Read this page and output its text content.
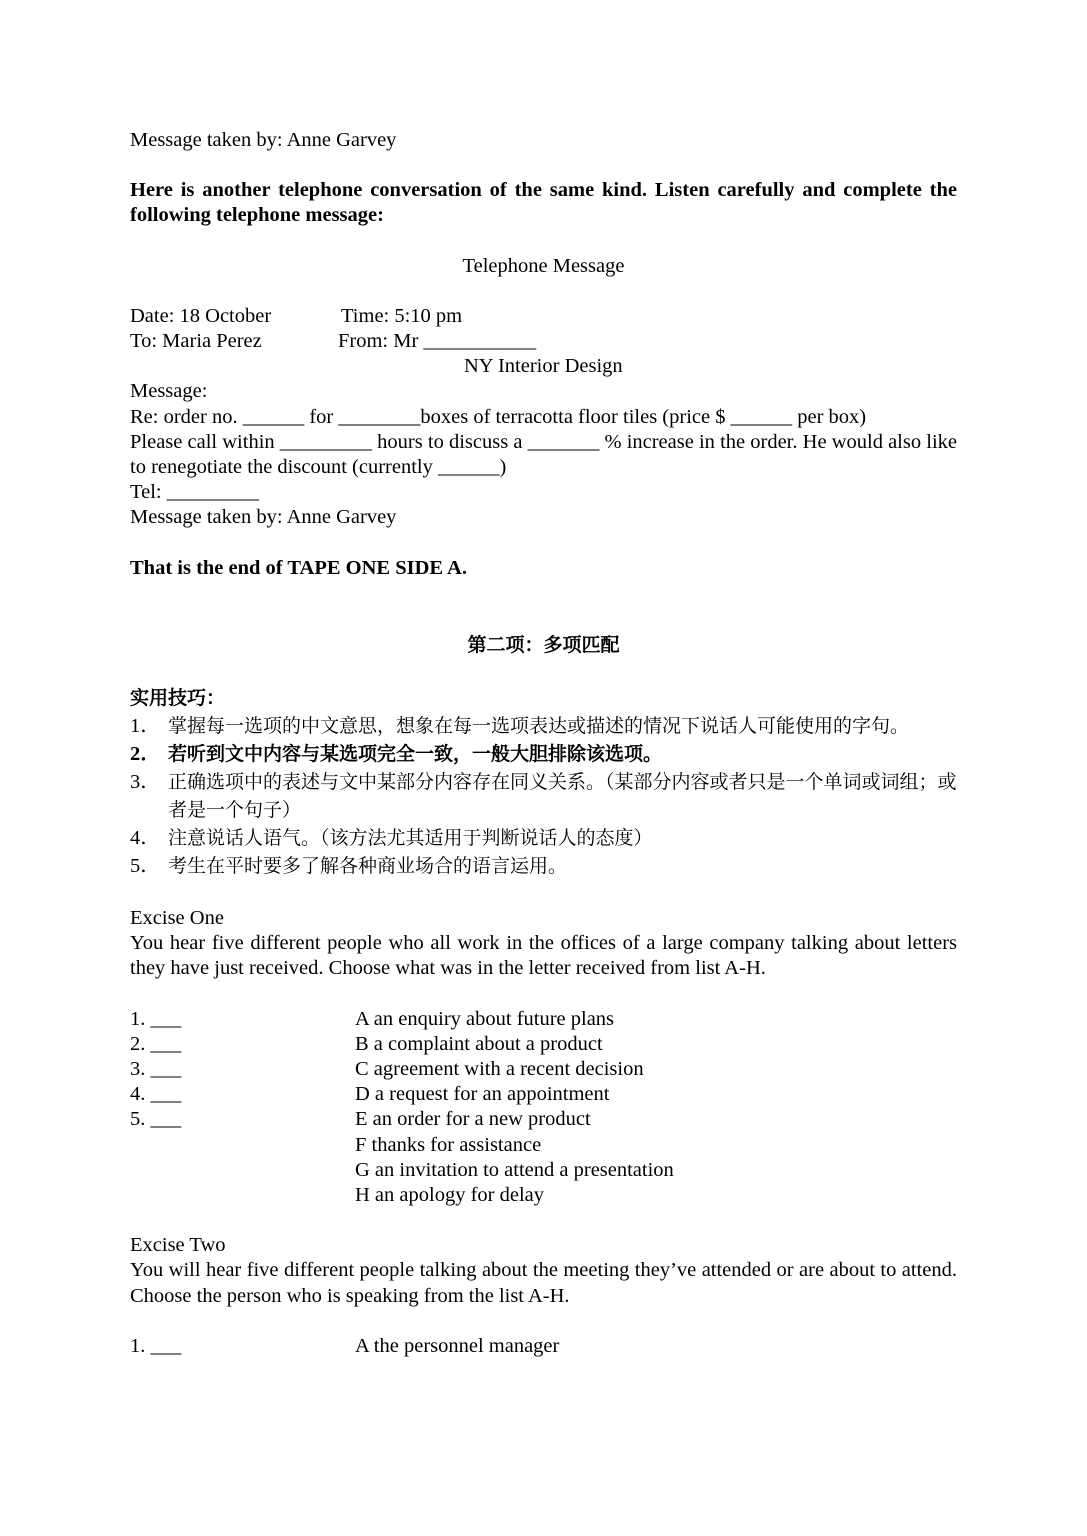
Message taken by: Anne Garvey

Here is another telephone conversation of the same kind. Listen carefully and complete the following telephone message:

Telephone Message

Date: 18 October	Time: 5:10 pm
To: Maria Perez	From: Mr ___________
NY Interior Design

Message:

Re: order no. ______ for ________boxes of terracotta floor tiles (price $ ______ per box)

Please call within _________ hours to discuss a _______ % increase in the order. He would also like to renegotiate the discount (currently ______)

Tel: _________

Message taken by: Anne Garvey

That is the end of TAPE ONE SIDE A.

第二项：多项匹配

实用技巧：

1． 掌握每一选项的中文意思，想象在每一选项表达或描述的情况下说话人可能使用的字句。
2． 若听到文中内容与某选项完全一致，一般大胆排除该选项。
3． 正确选项中的表述与文中某部分内容存在同义关系。（某部分内容或者只是一个单词或词组；或者是一个句子）
4． 注意说话人语气。（该方法尤其适用于判断说话人的态度）
5． 考生在平时要多了解各种商业场合的语言运用。

Excise One

You hear five different people who all work in the offices of a large company talking about letters they have just received. Choose what was in the letter received from list A-H.

1. ___	A an enquiry about future plans
2. ___	B a complaint about a product
3. ___	C agreement with a recent decision
4. ___	D a request for an appointment
5. ___	E an order for a new product
F thanks for assistance
G an invitation to attend a presentation
H an apology for delay

Excise Two

You will hear five different people talking about the meeting they’ve attended or are about to attend. Choose the person who is speaking from the list A-H.

1. ___	A the personnel manager
